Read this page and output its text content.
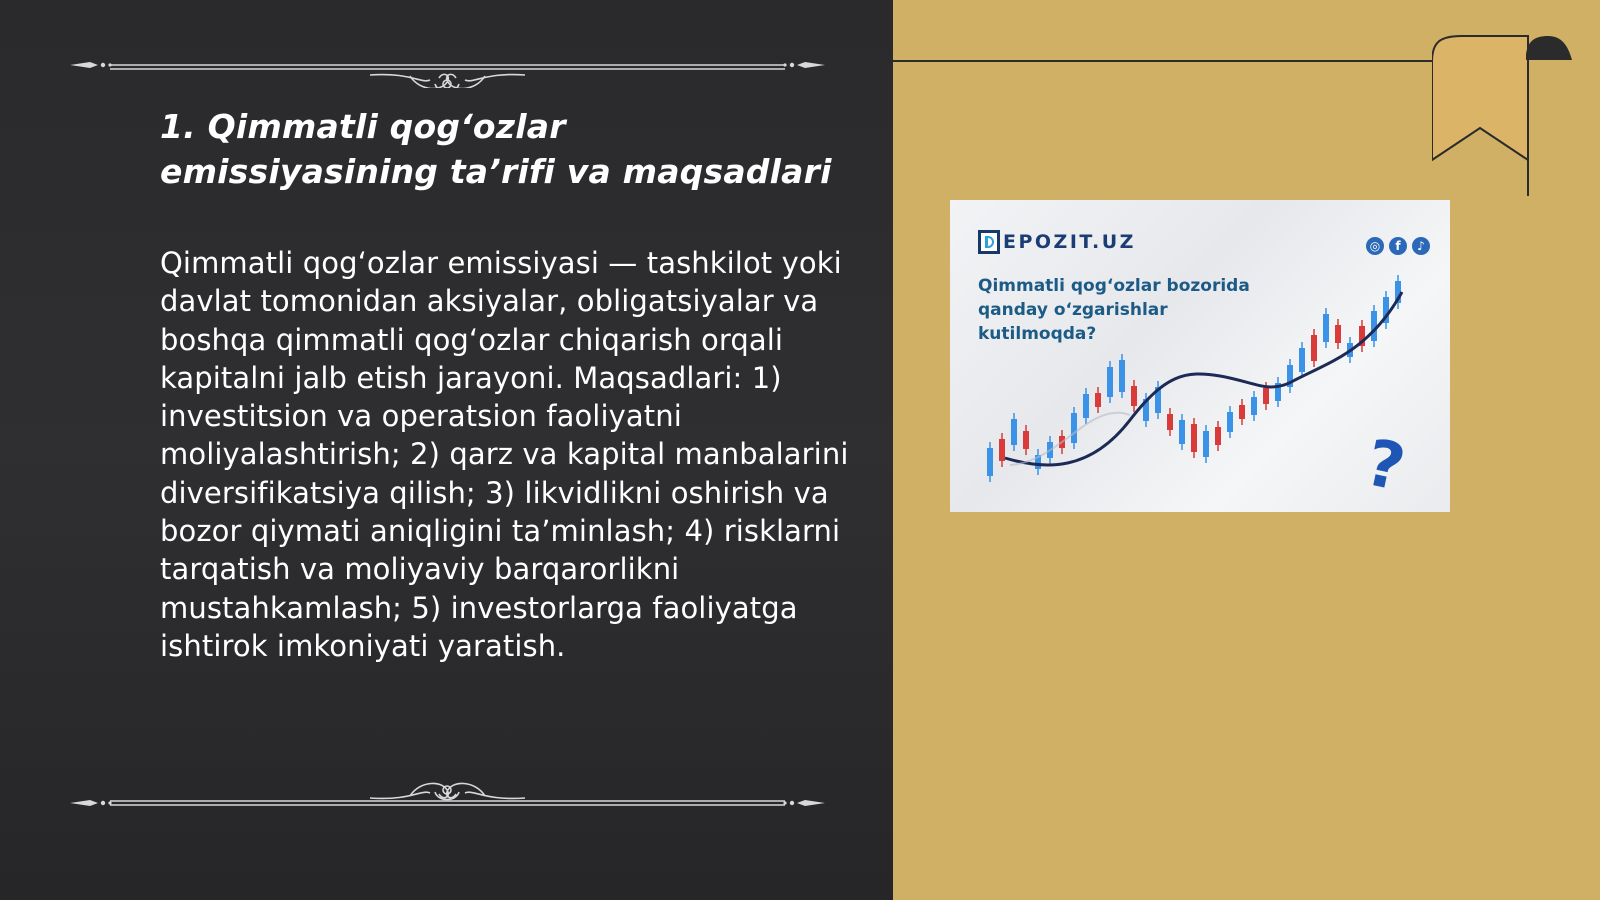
1. Qimmatli qog‘ozlar emissiyasining ta’rifi va maqsadlari

Qimmatli qog‘ozlar emissiyasi — tashkilot yoki davlat tomonidan aksiyalar, obligatsiyalar va boshqa qimmatli qog‘ozlar chiqarish orqali kapitalni jalb etish jarayoni. Maqsadlari: 1) investitsion va operatsion faoliyatni moliyalashtirish; 2) qarz va kapital manbalarini diversifikatsiya qilish; 3) likvidlikni oshirish va bozor qiymati aniqligini ta’minlash; 4) risklarni tarqatish va moliyaviy barqarorlikni mustahkamlash; 5) investorlarga faoliyatga ishtirok imkoniyati yaratish.

?
EPOZIT.UZ	◎	f	♪

Qimmatli qog‘ozlar bozorida qanday o‘zgarishlar kutilmoqda?
